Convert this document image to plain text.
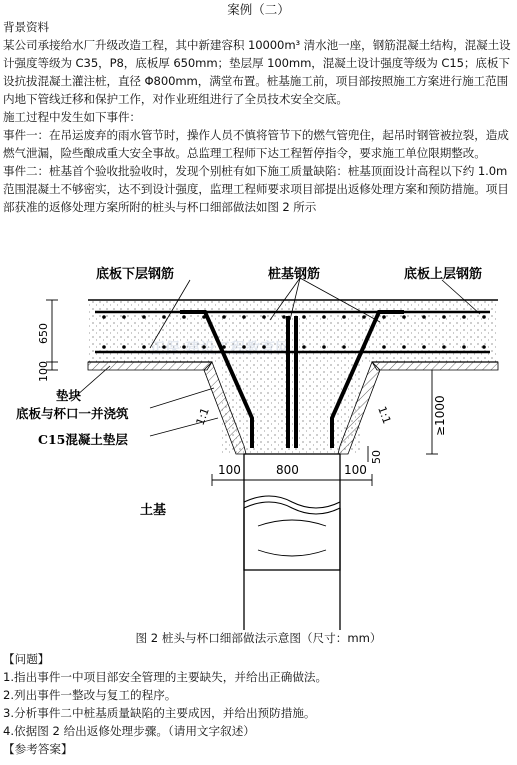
案例（二）

背景资料

某公司承接给水厂升级改造工程，其中新建容积 10000m³ 清水池一座，钢筋混凝土结构，混凝土设计强度等级为 C35，P8，底板厚 650mm；垫层厚 100mm，混凝土设计强度等级为 C15；底板下设抗拔混凝土灌注桩，直径 Φ800mm，满堂布置。桩基施工前，项目部按照施工方案进行施工范围内地下管线迁移和保护工作，对作业班组进行了全员技术安全交底。

施工过程中发生如下事件：

事件一：在吊运废弃的雨水管节时，操作人员不慎将管节下的燃气管兜住，起吊时钢管被拉裂，造成燃气泄漏，险些酿成重大安全事故。总监理工程师下达工程暂停指令，要求施工单位限期整改。

事件二：桩基首个验收批验收时，发现个别桩有如下施工质量缺陷：桩基顶面设计高程以下约 1.0m 范围混凝土不够密实，达不到设计强度，监理工程师要求项目部提出返修处理方案和预防措施。项目部获准的返修处理方案所附的桩头与杯口细部做法如图 2 所示

650
100
≥1000
50
1:1	1:1
100	800	100
底板下层钢筋	桩基钢筋	底板上层钢筋
垫块
底板与杯口一并浇筑
C15混凝土垫层
土基
图 2 桩头与杯口细部做法示意图（尺寸：mm）

【问题】

1.指出事件一中项目部安全管理的主要缺失，并给出正确做法。

2.列出事件一整改与复工的程序。

3.分析事件二中桩基质量缺陷的主要成因，并给出预防措施。

4.依据图 2 给出返修处理步骤。（请用文字叙述）

【参考答案】
